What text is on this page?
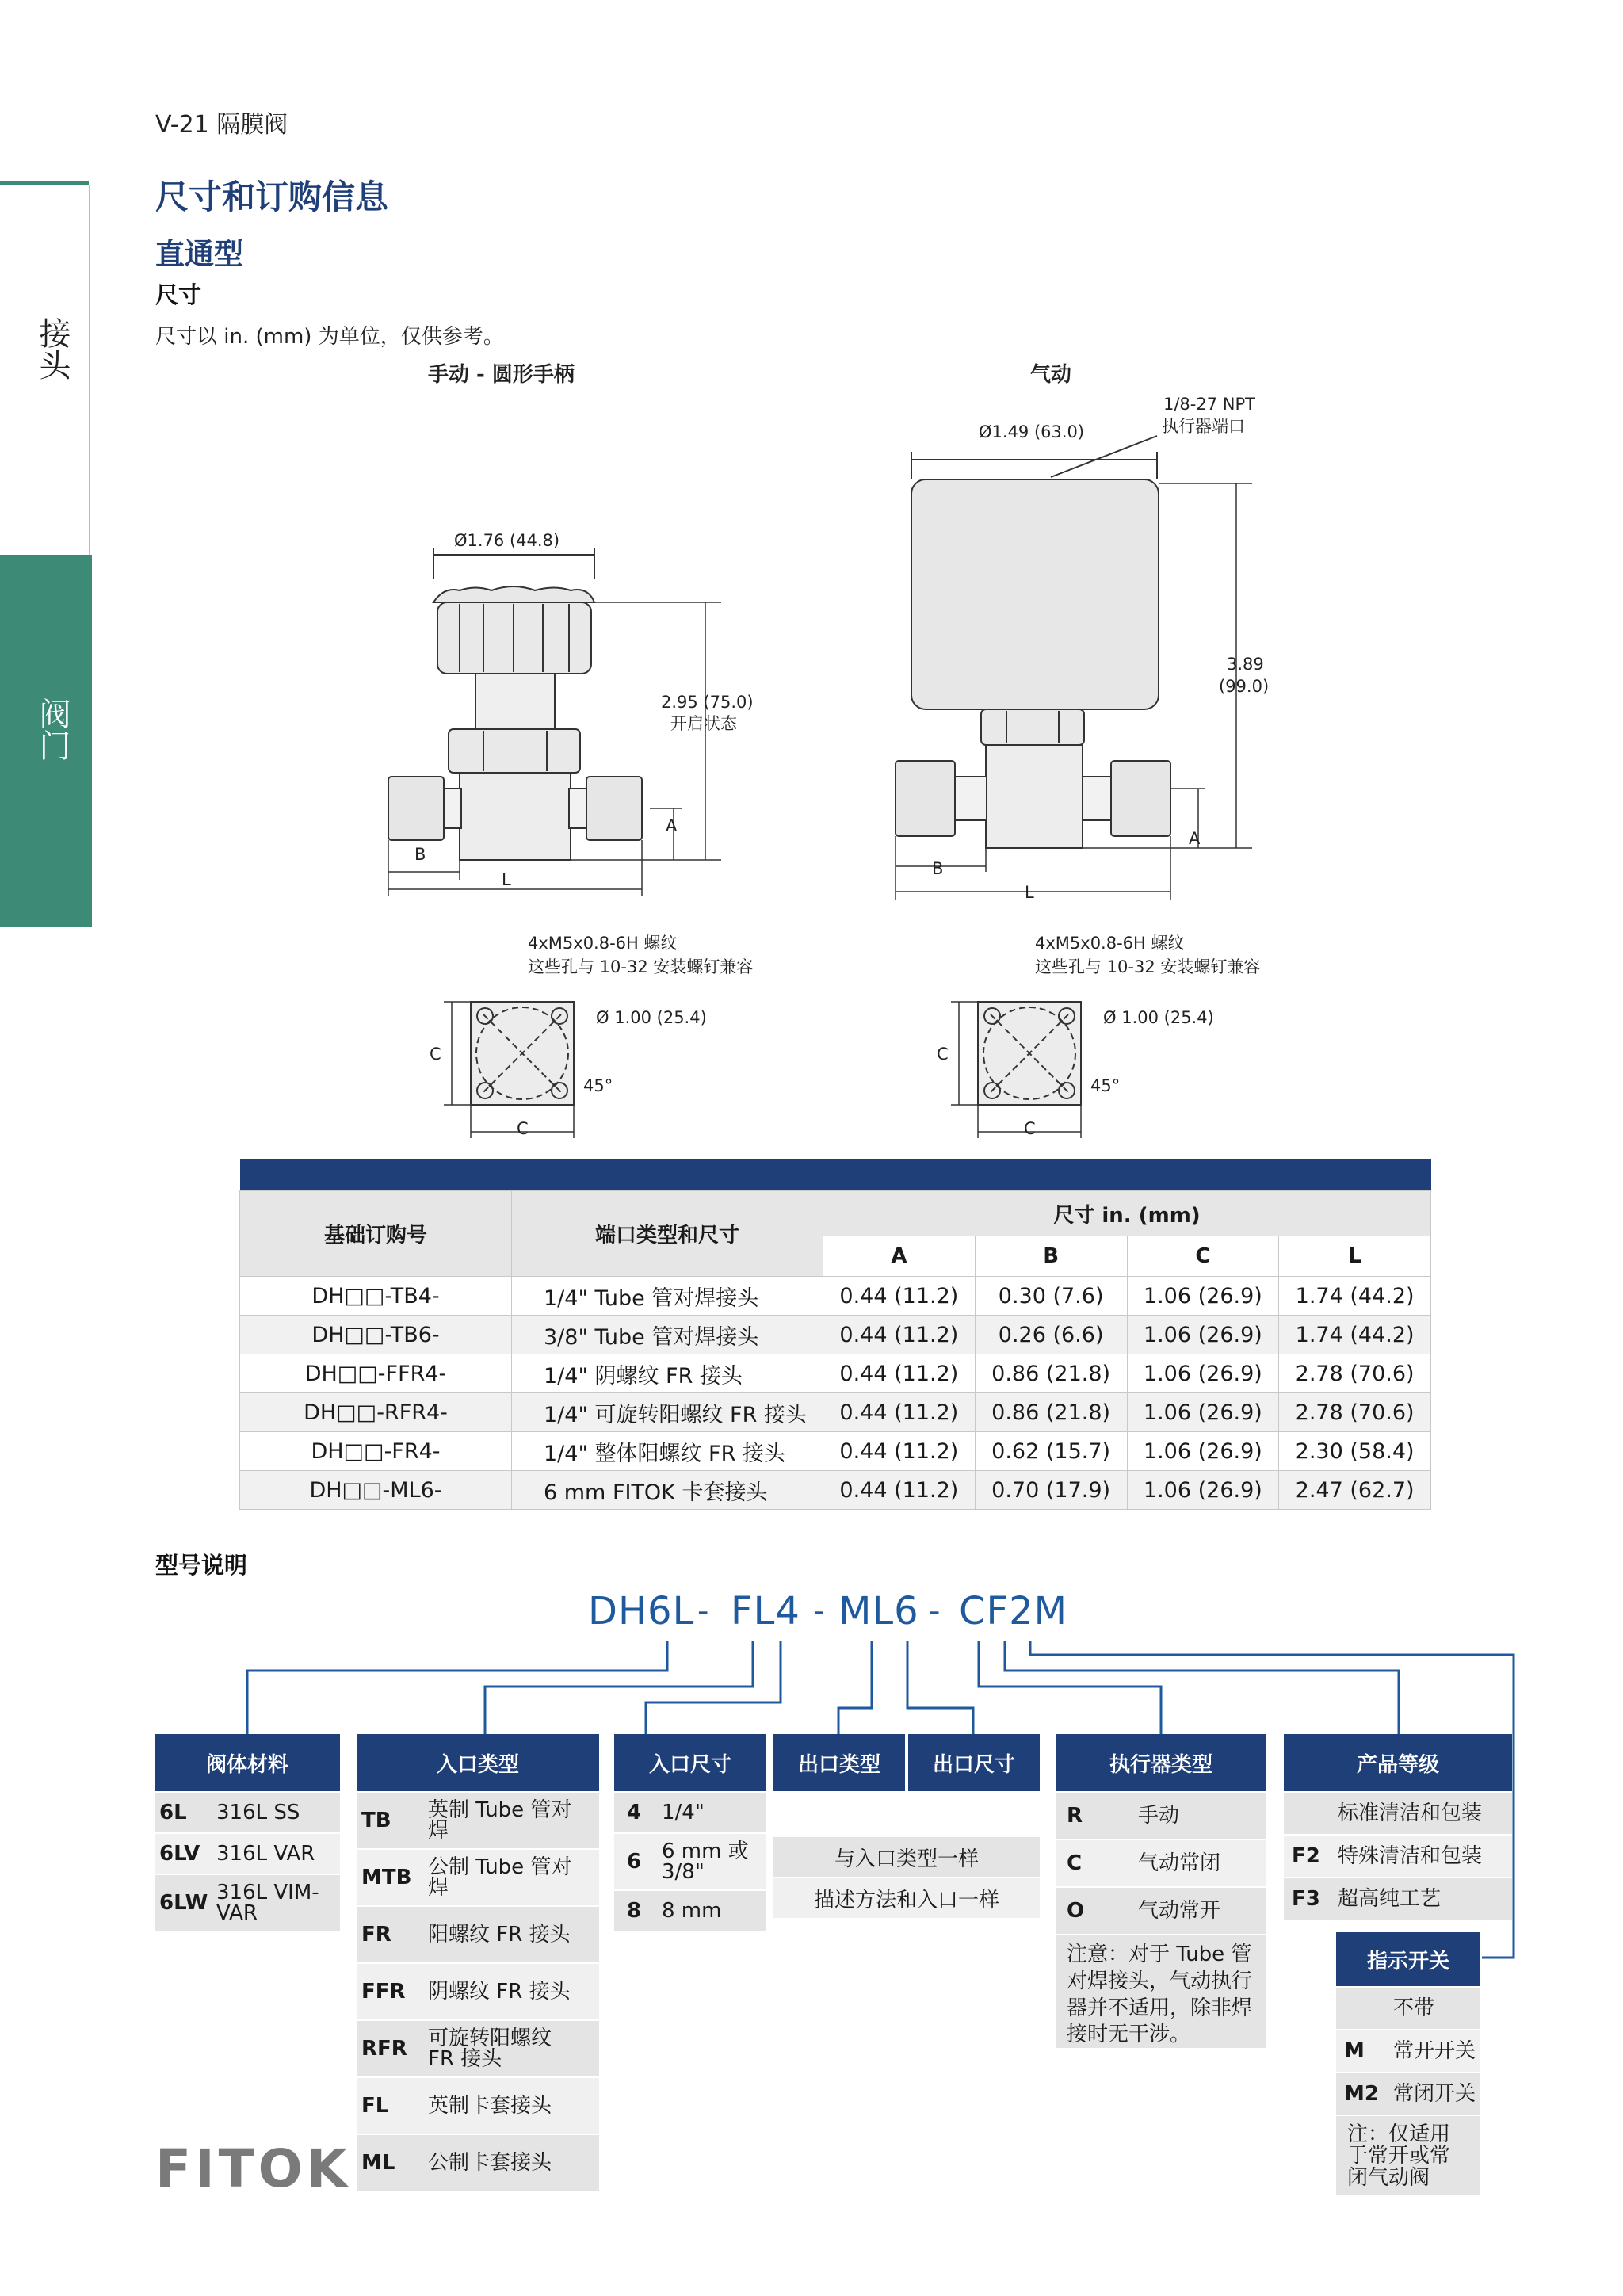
V-21 隔膜阀
尺寸和订购信息
直通型
尺寸
尺寸以 in. (mm) 为单位，仅供参考。
接头
阀门
手动 - 圆形手柄	气动
Ø1.76 (44.8)
2.95 (75.0)
开启状态
A
B
L
Ø1.49 (63.0)
1/8-27 NPT
执行器端口
3.89
(99.0)
A
B
L
4xM5x0.8-6H 螺纹
这些孔与 10-32 安装螺钉兼容
Ø 1.00 (25.4)
45°
C
C
4xM5x0.8-6H 螺纹
这些孔与 10-32 安装螺钉兼容
Ø 1.00 (25.4)
45°
C
C

基础订购号	端口类型和尺寸	尺寸 in. (mm)			
		A	B	C	L
DH□□-TB4-	1/4" Tube 管对焊接头	0.44 (11.2)	0.30 (7.6)	1.06 (26.9)	1.74 (44.2)
DH□□-TB6-	3/8" Tube 管对焊接头	0.44 (11.2)	0.26 (6.6)	1.06 (26.9)	1.74 (44.2)
DH□□-FFR4-	1/4" 阴螺纹 FR 接头	0.44 (11.2)	0.86 (21.8)	1.06 (26.9)	2.78 (70.6)
DH□□-RFR4-	1/4" 可旋转阳螺纹 FR 接头	0.44 (11.2)	0.86 (21.8)	1.06 (26.9)	2.78 (70.6)
DH□□-FR4-	1/4" 整体阳螺纹 FR 接头	0.44 (11.2)	0.62 (15.7)	1.06 (26.9)	2.30 (58.4)
DH□□-ML6-	6 mm FITOK 卡套接头	0.44 (11.2)	0.70 (17.9)	1.06 (26.9)	2.47 (62.7)
型号说明
DH6L - FL4 - ML6 - CF2M
阀体材料
6L	316L SS
6LV 316L VAR
6LW 316L VIM-VAR
入口类型
TB	英制 Tube 管对焊
MTB 公制 Tube 管对焊
FR	阳螺纹 FR 接头
FFR	阴螺纹 FR 接头
RFR	可旋转阳螺纹 FR 接头
FL	英制卡套接头
ML	公制卡套接头
入口尺寸
4 1/4"
6 6 mm 或 3/8"
8 8 mm
出口类型	出口尺寸
与入口类型一样
描述方法和入口一样
执行器类型
R	手动
C	气动常闭
O	气动常开
注意：对于 Tube 管对焊接头，气动执行器并不适用，除非焊接时无干涉。
产品等级
标准清洁和包装
F2 特殊清洁和包装
F3 超高纯工艺
指示开关
不带
M	常开开关
M2 常闭开关
注：仅适用于常开或常闭气动阀
FITOK
